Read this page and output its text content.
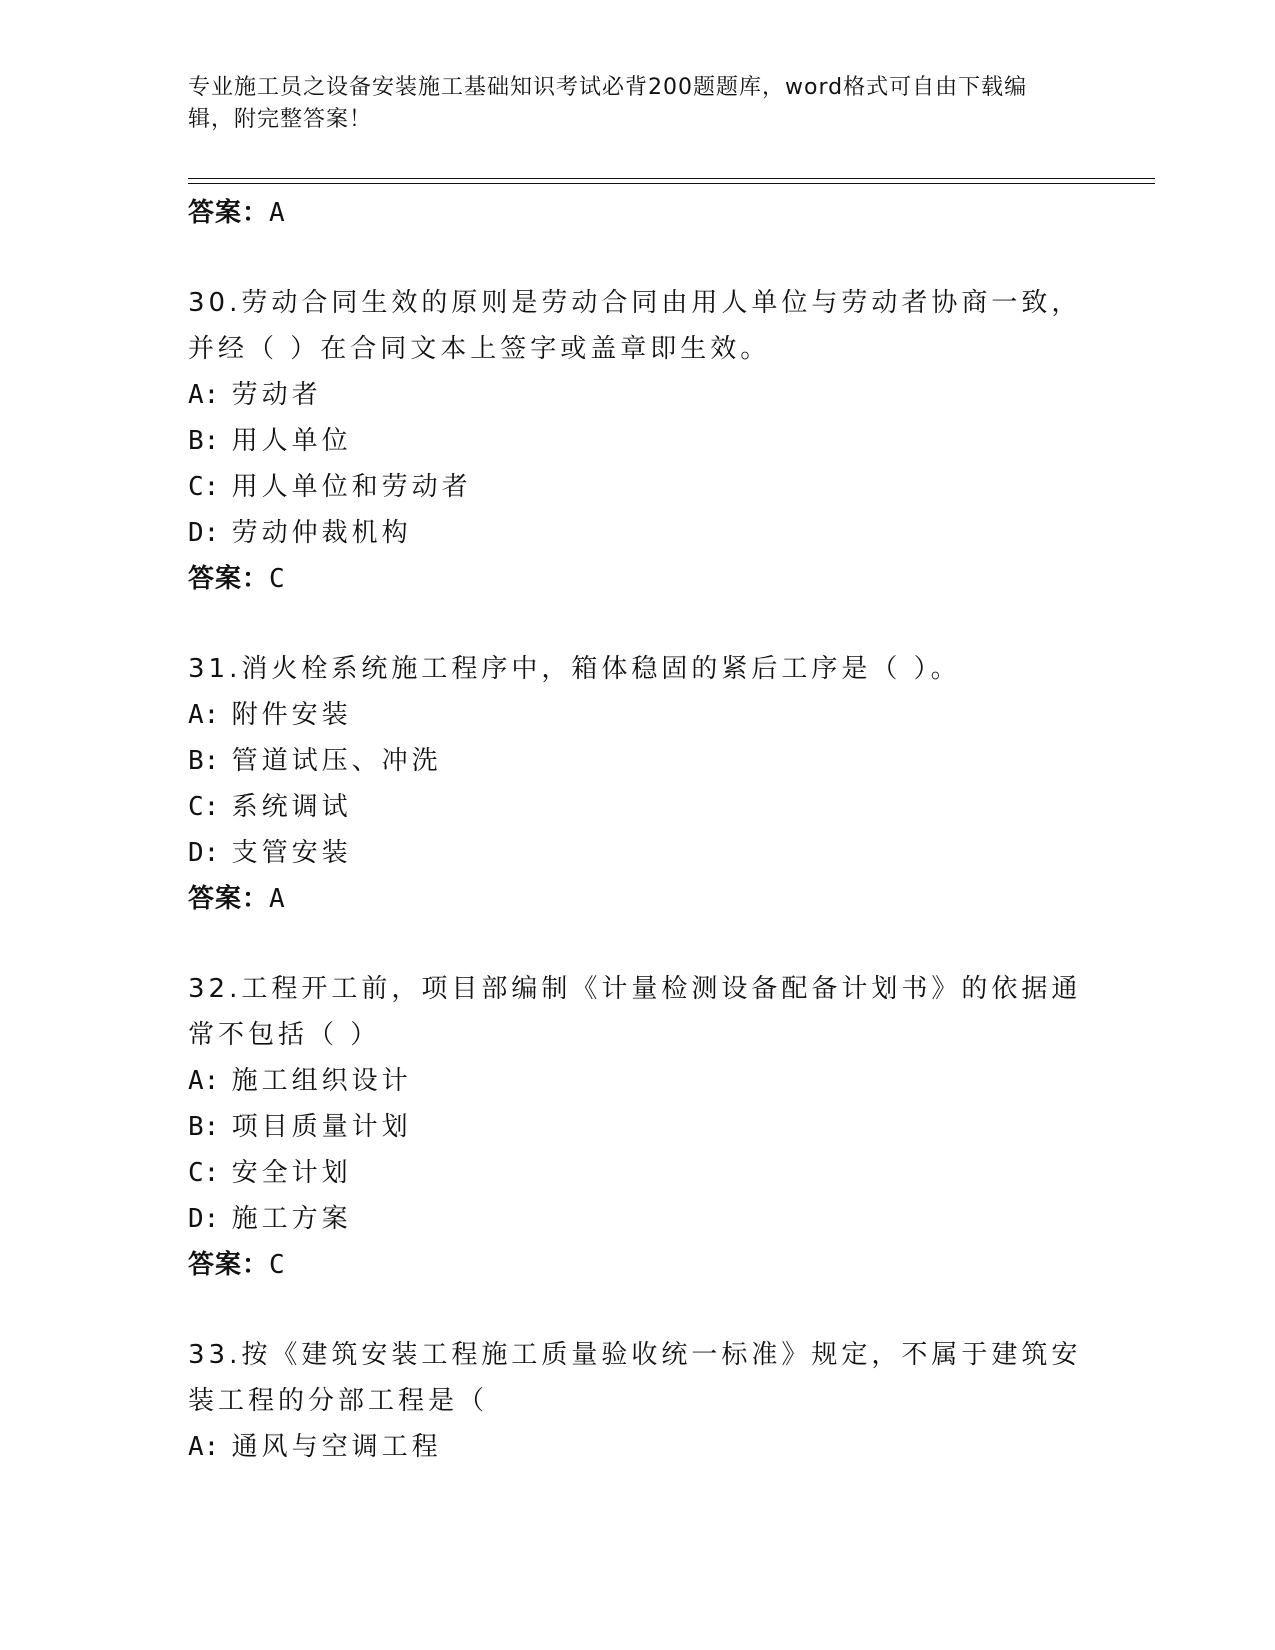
专业施工员之设备安装施工基础知识考试必背200题题库，word格式可自由下载编辑，附完整答案！
答案：A
30.劳动合同生效的原则是劳动合同由用人单位与劳动者协商一致，并经（ ）在合同文本上签字或盖章即生效。
A: 劳动者
B: 用人单位
C: 用人单位和劳动者
D: 劳动仲裁机构
答案：C
31.消火栓系统施工程序中，箱体稳固的紧后工序是（ ）。
A: 附件安装
B: 管道试压、冲洗
C: 系统调试
D: 支管安装
答案：A
32.工程开工前，项目部编制《计量检测设备配备计划书》的依据通常不包括（ ）
A: 施工组织设计
B: 项目质量计划
C: 安全计划
D: 施工方案
答案：C
33.按《建筑安装工程施工质量验收统一标准》规定，不属于建筑安装工程的分部工程是（
A: 通风与空调工程
